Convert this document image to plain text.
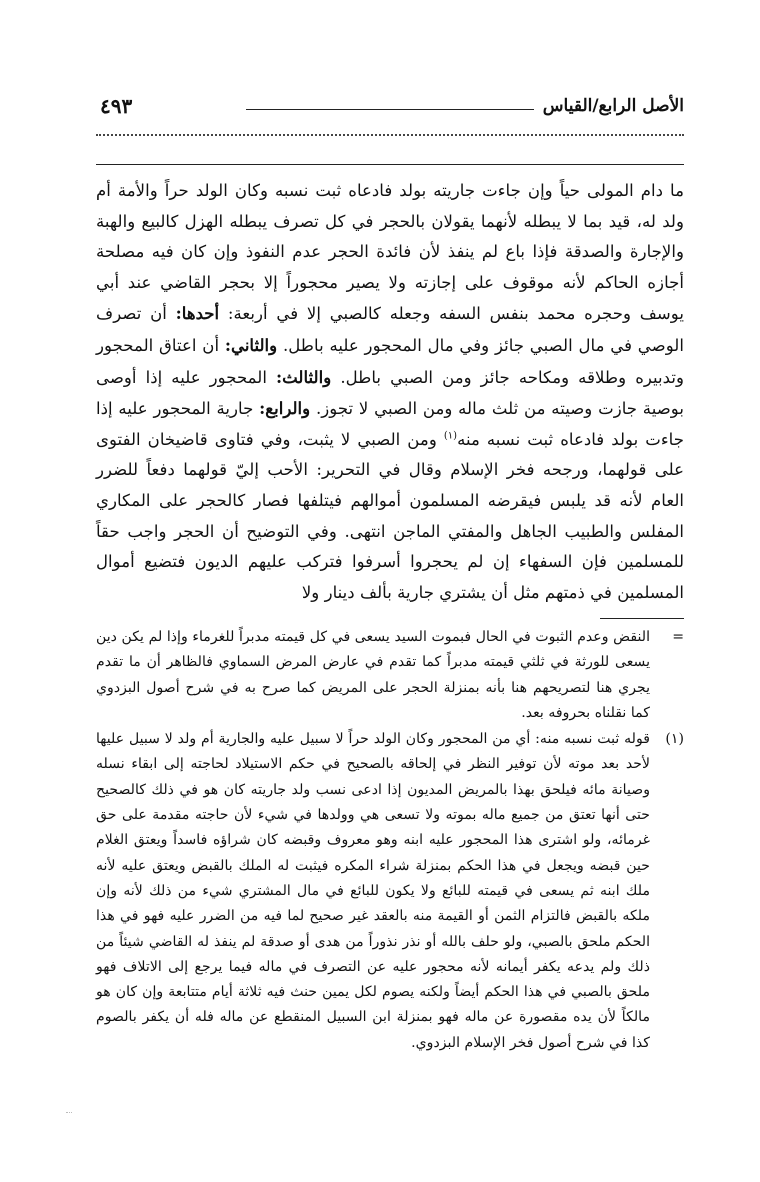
الأصل الرابع/القياس
٤٩٣
ما دام المولى حياً وإن جاءت جاريته بولد فادعاه ثبت نسبه وكان الولد حراً والأمة أم ولد له، قيد بما لا يبطله لأنهما يقولان بالحجر في كل تصرف يبطله الهزل كالبيع والهبة والإجارة والصدقة فإذا باع لم ينفذ لأن فائدة الحجر عدم النفوذ وإن كان فيه مصلحة أجازه الحاكم لأنه موقوف على إجازته ولا يصير محجوراً إلا بحجر القاضي عند أبي يوسف وحجره محمد بنفس السفه وجعله كالصبي إلا في أربعة: أحدها: أن تصرف الوصي في مال الصبي جائز وفي مال المحجور عليه باطل. والثاني: أن اعتاق المحجور وتدبيره وطلاقه ومكاحه جائز ومن الصبي باطل. والثالث: المحجور عليه إذا أوصى بوصية جازت وصيته من ثلث ماله ومن الصبي لا تجوز. والرابع: جارية المحجور عليه إذا جاءت بولد فادعاه ثبت نسبه منه$^{(١)}$ ومن الصبي لا يثبت، وفي فتاوى قاضيخان الفتوى على قولهما، ورجحه فخر الإسلام وقال في التحرير: الأحب إليّ قولهما دفعاً للضرر العام لأنه قد يلبس فيقرضه المسلمون أموالهم فيتلفها فصار كالحجر على المكاري المفلس والطبيب الجاهل والمفتي الماجن انتهى. وفي التوضيح أن الحجر واجب حقاً للمسلمين فإن السفهاء إن لم يحجروا أسرفوا فتركب عليهم الديون فتضيع أموال المسلمين في ذمتهم مثل أن يشتري جارية بألف دينار ولا
=
النقض وعدم الثبوت في الحال فبموت السيد يسعى في كل قيمته مدبراً للغرماء وإذا لم يكن دين يسعى للورثة في ثلثي قيمته مدبراً كما تقدم في عارض المرض السماوي فالظاهر أن ما تقدم يجري هنا لتصريحهم هنا بأنه بمنزلة الحجر على المريض كما صرح به في شرح أصول البزدوي كما نقلناه بحروفه بعد.
(١)
قوله ثبت نسبه منه: أي من المحجور وكان الولد حراً لا سبيل عليه والجارية أم ولد لا سبيل عليها لأحد بعد موته لأن توفير النظر في إلحاقه بالصحيح في حكم الاستيلاد لحاجته إلى ابقاء نسله وصيانة مائه فيلحق بهذا بالمريض المديون إذا ادعى نسب ولد جاريته كان هو في ذلك كالصحيح حتى أنها تعتق من جميع ماله بموته ولا تسعى هي وولدها في شيء لأن حاجته مقدمة على حق غرمائه، ولو اشترى هذا المحجور عليه ابنه وهو معروف وقبضه كان شراؤه فاسداً ويعتق الغلام حين قبضه ويجعل في هذا الحكم بمنزلة شراء المكره فيثبت له الملك بالقبض ويعتق عليه لأنه ملك ابنه ثم يسعى في قيمته للبائع ولا يكون للبائع في مال المشتري شيء من ذلك لأنه وإن ملكه بالقبض فالتزام الثمن أو القيمة منه بالعقد غير صحيح لما فيه من الضرر عليه فهو في هذا الحكم ملحق بالصبي، ولو حلف بالله أو نذر نذوراً من هدى أو صدقة لم ينفذ له القاضي شيئاً من ذلك ولم يدعه يكفر أيمانه لأنه محجور عليه عن التصرف في ماله فيما يرجع إلى الاتلاف فهو ملحق بالصبي في هذا الحكم أيضاً ولكنه يصوم لكل يمين حنث فيه ثلاثة أيام متتابعة وإن كان هو مالكاً لأن يده مقصورة عن ماله فهو بمنزلة ابن السبيل المنقطع عن ماله فله أن يكفر بالصوم كذا في شرح أصول فخر الإسلام البزدوي.
